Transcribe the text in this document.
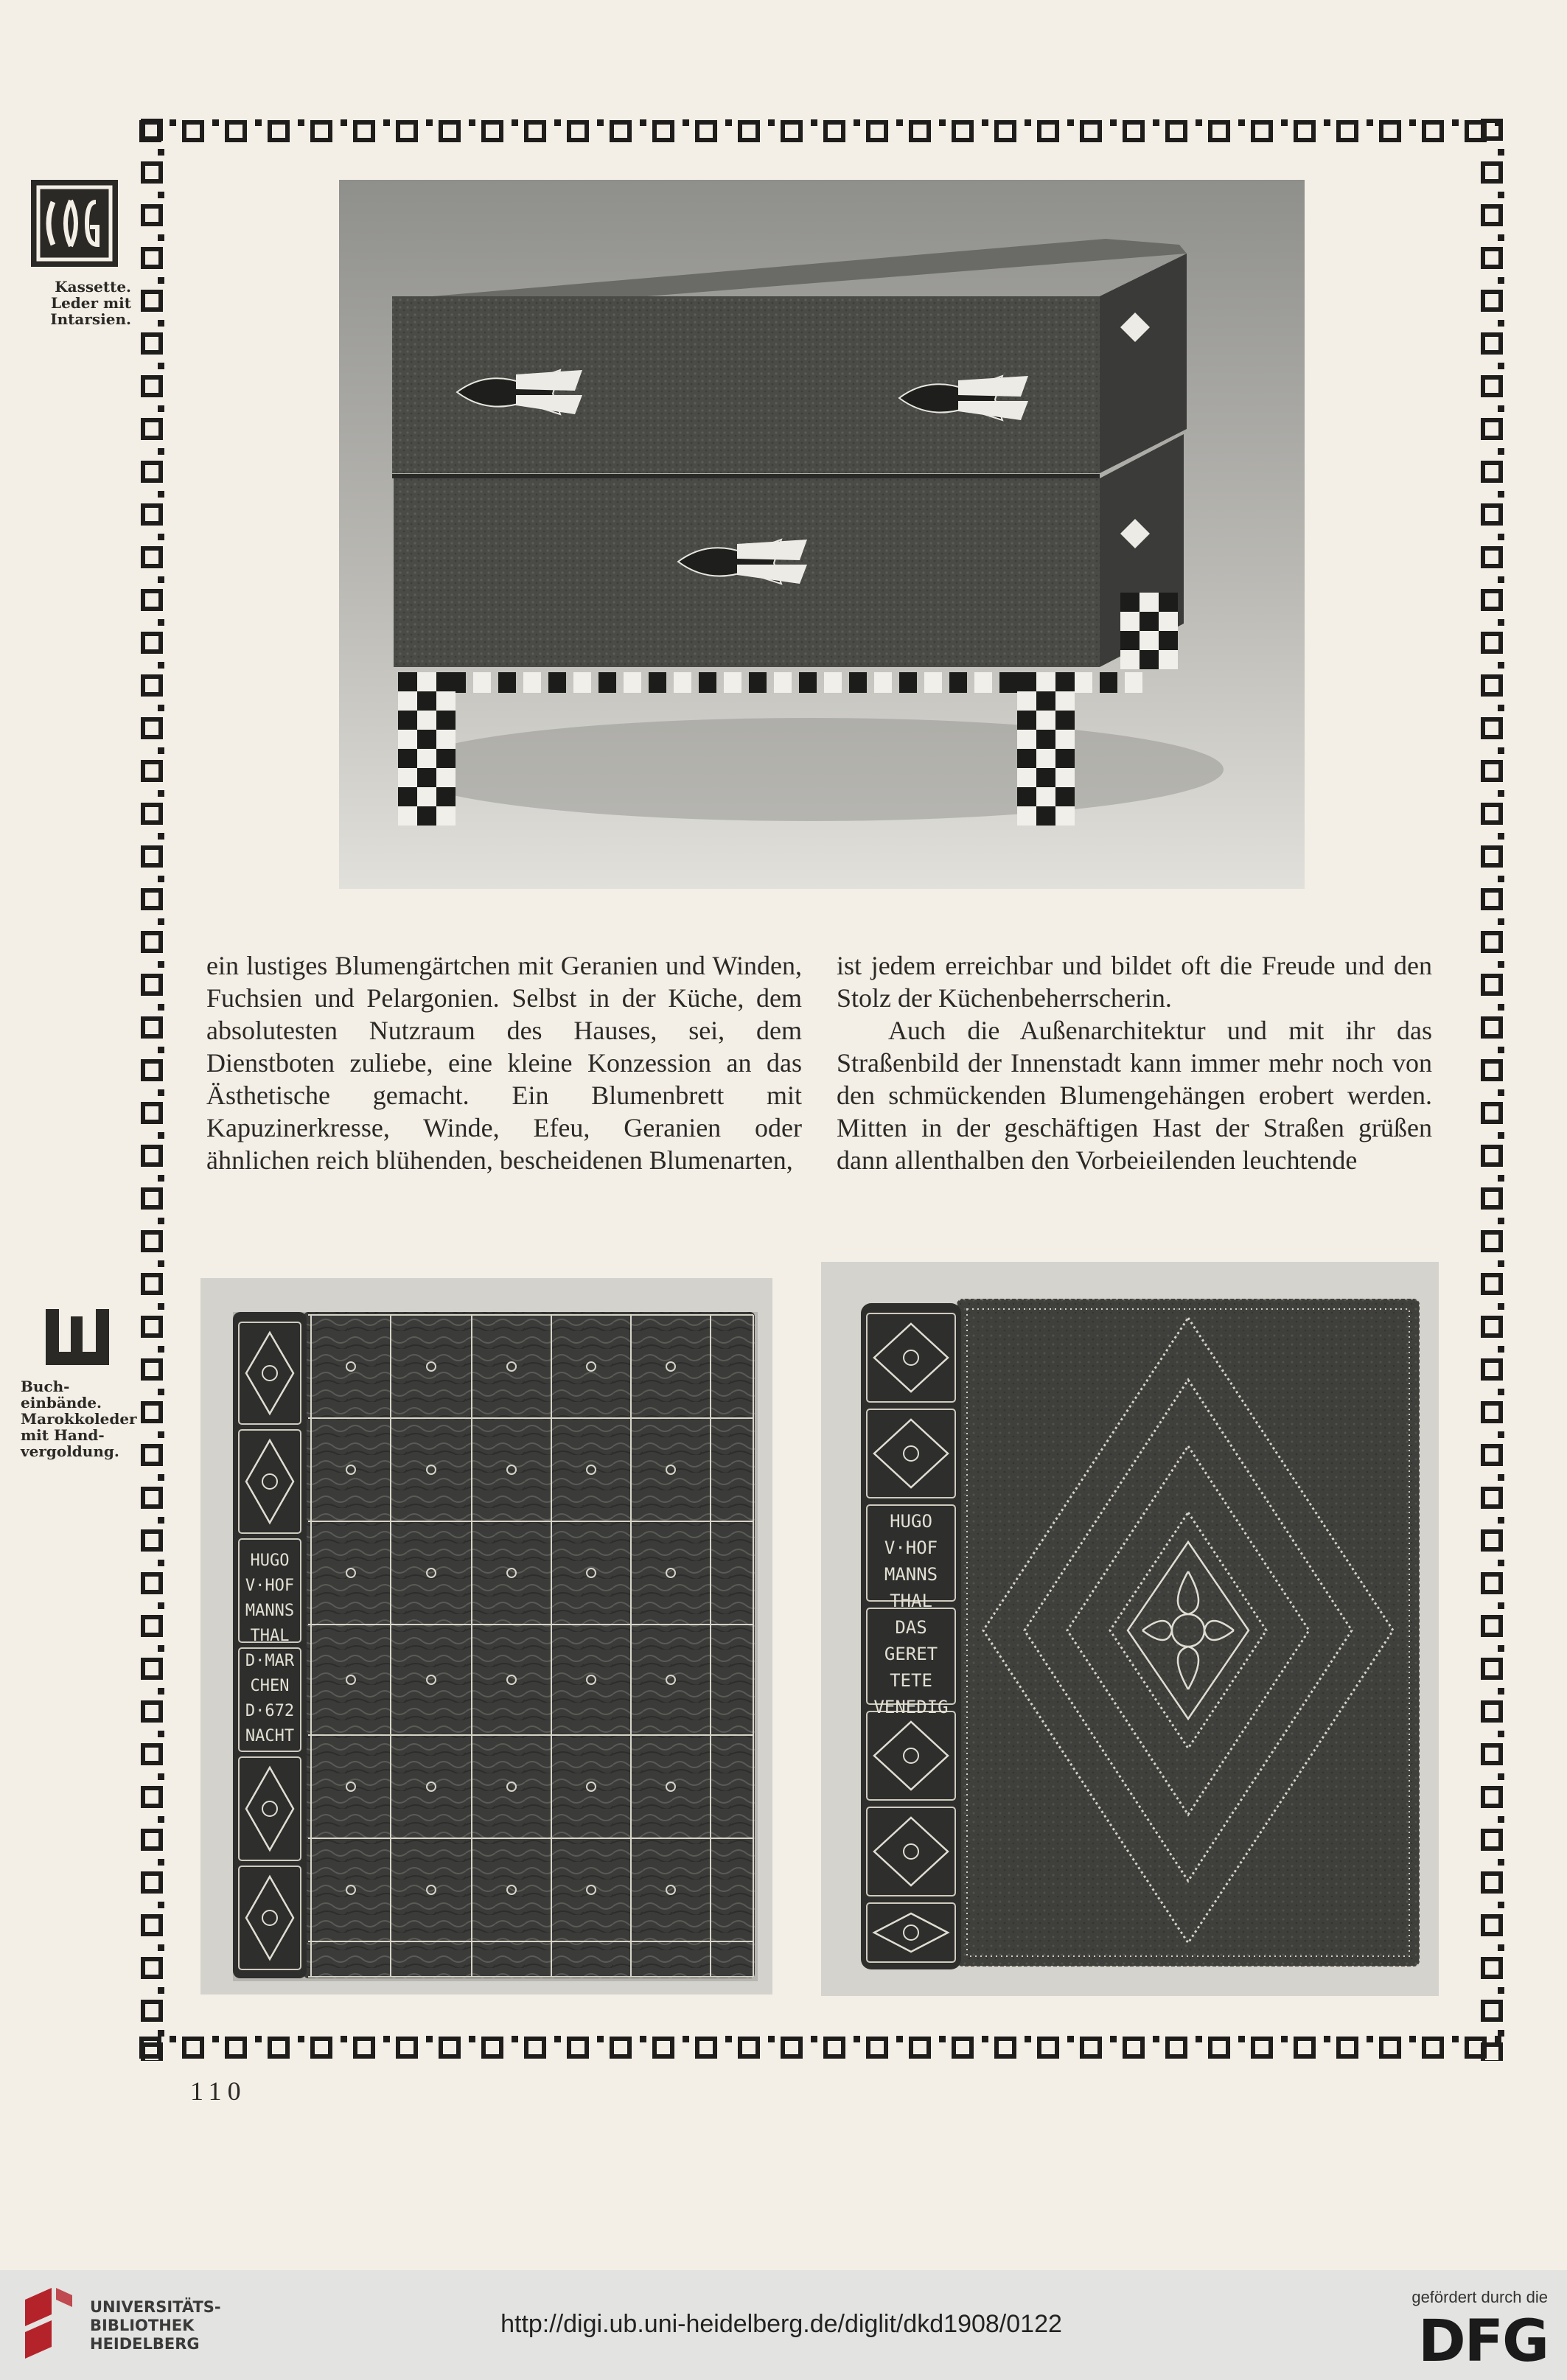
Kassette.
Leder mit
Intarsien.
Buch-
einbände.
Marokkoleder
mit Hand-
vergoldung.

ein lustiges Blumengärtchen mit Geranien und Winden, Fuchsien und Pelargonien. Selbst in der Küche, dem absolutesten Nutzraum des Hauses, sei, dem Dienstboten zuliebe, eine kleine Konzession an das Ästhetische gemacht. Ein Blumenbrett mit Kapuzinerkresse, Winde, Efeu, Geranien oder ähnlichen reich blühenden, bescheidenen Blumenarten,

ist jedem erreichbar und bildet oft die Freude und den Stolz der Küchenbeherrscherin.

Auch die Außenarchitektur und mit ihr das Straßenbild der Innenstadt kann immer mehr noch von den schmückenden Blumengehängen erobert werden. Mitten in der geschäftigen Hast der Straßen grüßen dann allenthalben den Vorbeieilenden leuchtende

HUGO
V·HOF
MANNS
THAL
D·MAR
CHEN
D·672
NACHT
HUGO
V·HOF
MANNS
THAL
DAS
GERET
TETE
VENEDIG
110
UNIVERSITÄTS-
BIBLIOTHEK
HEIDELBERG
http://digi.ub.uni-heidelberg.de/diglit/dkd1908/0122
gefördert durch die
DFG
